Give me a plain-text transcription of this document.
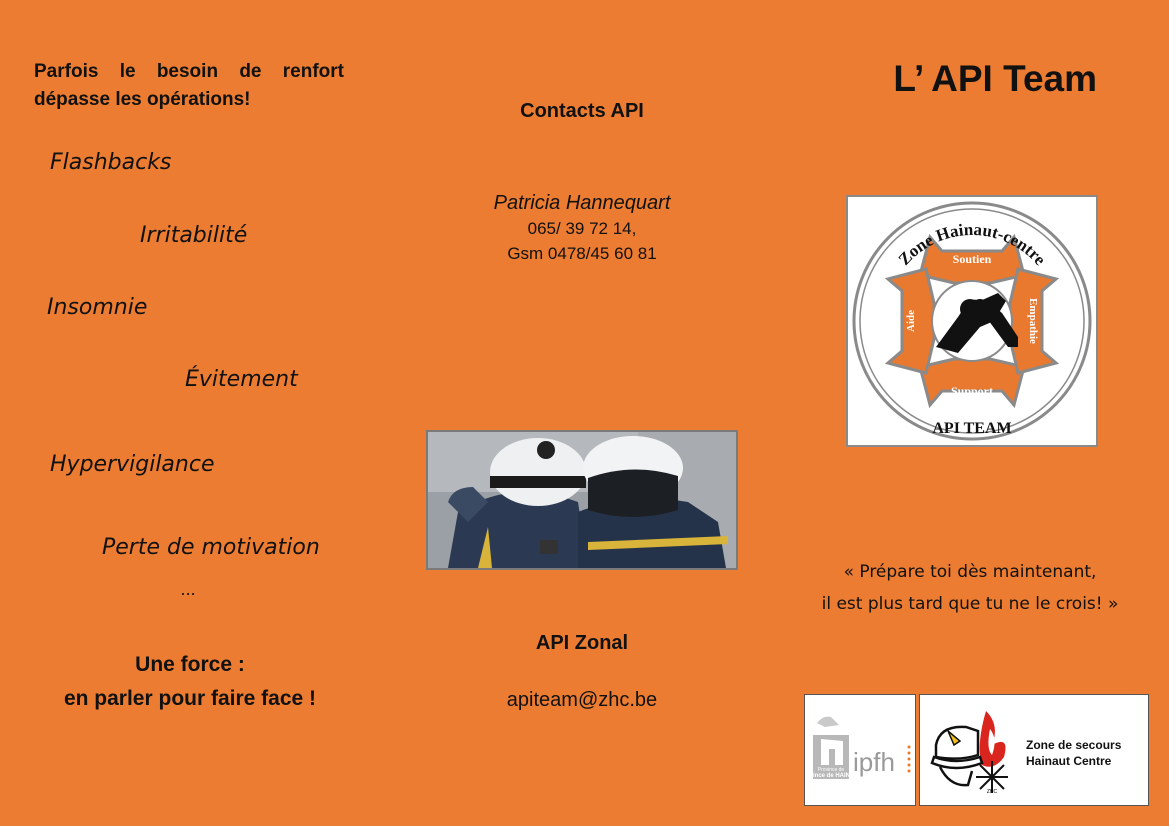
Parfois le besoin de renfort
dépasse les opérations!
Flashbacks
Irritabilité
Insomnie
Évitement
Hypervigilance
Perte de motivation
...
Une force :
en parler pour faire face !
Contacts API
Patricia Hannequart
065/ 39 72 14,
Gsm 0478/45 60 81
API Zonal
apiteam@zhc.be
L’ API Team
Soutien
Support
Aide	Empathie
Zone Hainaut-centre
API TEAM
« Prépare toi dès maintenant,
il est plus tard que tu ne le crois! »
Province de
Province de HAINAUT
ipfh
ZHC
Zone de secours
Hainaut Centre
